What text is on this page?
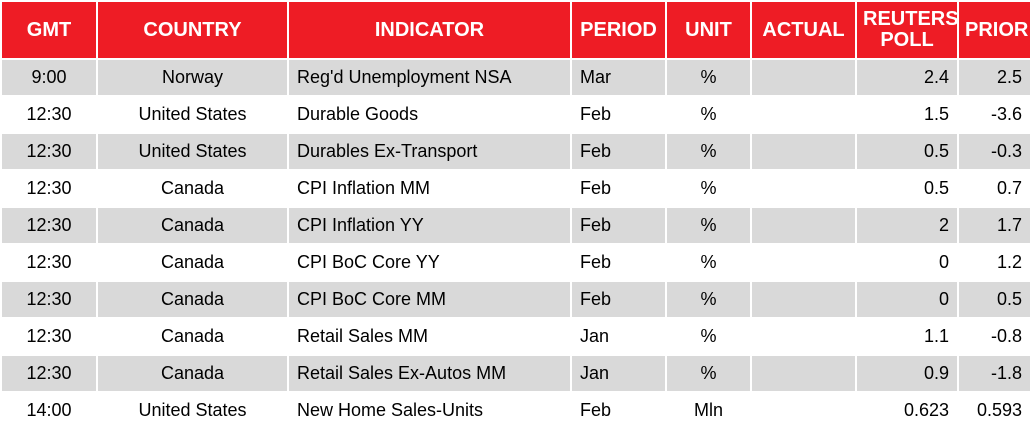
GMT	COUNTRY	INDICATOR	PERIOD	UNIT	ACTUAL	REUTERS POLL	PRIOR
9:00	Norway	Reg'd Unemployment NSA	Mar	%		2.4	2.5
12:30	United States	Durable Goods	Feb	%		1.5	-3.6
12:30	United States	Durables Ex-Transport	Feb	%		0.5	-0.3
12:30	Canada	CPI Inflation MM	Feb	%		0.5	0.7
12:30	Canada	CPI Inflation YY	Feb	%		2	1.7
12:30	Canada	CPI BoC Core YY	Feb	%		0	1.2
12:30	Canada	CPI BoC Core MM	Feb	%		0	0.5
12:30	Canada	Retail Sales MM	Jan	%		1.1	-0.8
12:30	Canada	Retail Sales Ex-Autos MM	Jan	%		0.9	-1.8
14:00	United States	New Home Sales-Units	Feb	Mln		0.623	0.593
